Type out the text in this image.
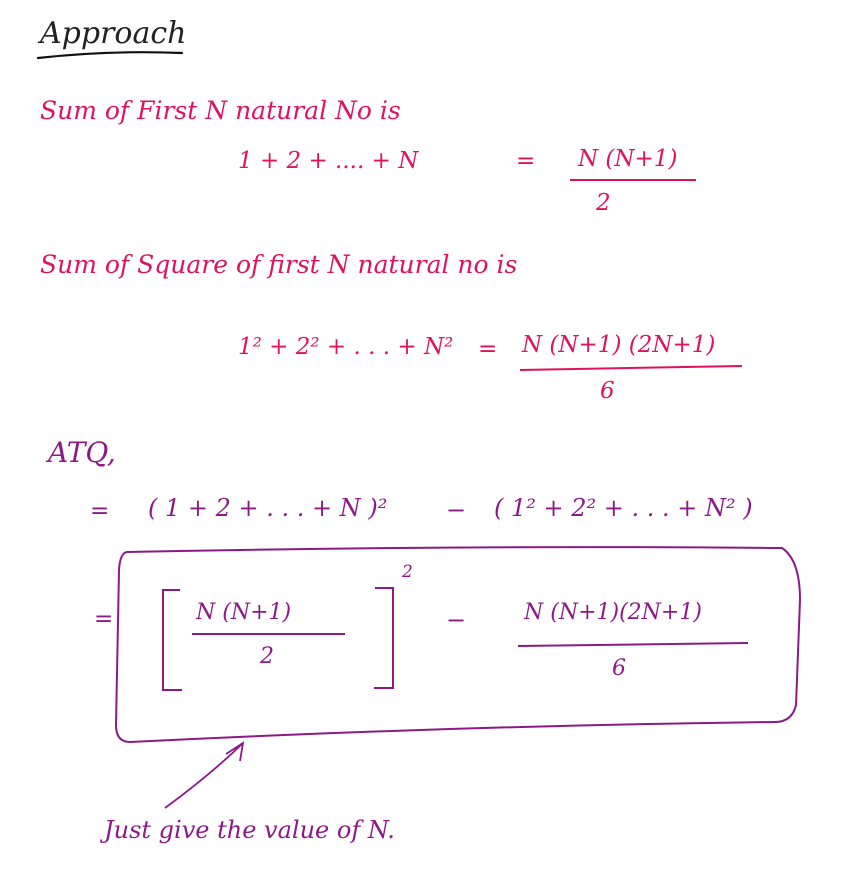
Approach
Sum of First N natural No is
1 + 2 + .... + N	= N (N+1)
2
Sum of Square of first N natural no is
1² + 2² + . . . + N² = N (N+1) (2N+1)
6
ATQ,
= ( 1 + 2 + . . . + N )² − ( 1² + 2² + . . . + N² )
=	N (N+1)
2
2
−	N (N+1)(2N+1)
6
Just give the value of N.
